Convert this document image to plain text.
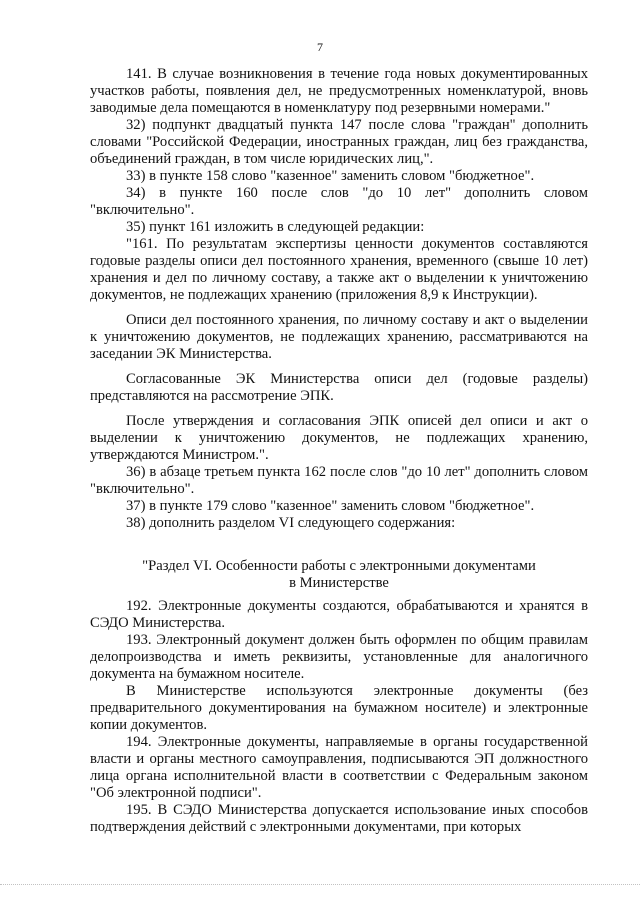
7

141. В случае возникновения в течение года новых документированных участков работы, появления дел, не предусмотренных номенклатурой, вновь заводимые дела помещаются в номенклатуру под резервными номерами."

32) подпункт двадцатый пункта 147 после слова "граждан" дополнить словами "Российской Федерации, иностранных граждан, лиц без гражданства, объединений граждан, в том числе юридических лиц,".

33) в пункте 158 слово "казенное" заменить словом "бюджетное".

34) в пункте 160 после слов "до 10 лет" дополнить словом "включительно".

35) пункт 161 изложить в следующей редакции:

"161. По результатам экспертизы ценности документов составляются годовые разделы описи дел постоянного хранения, временного (свыше 10 лет) хранения и дел по личному составу, а также акт о выделении к уничтожению документов, не подлежащих хранению (приложения 8,9 к Инструкции).

Описи дел постоянного хранения, по личному составу и акт о выделении к уничтожению документов, не подлежащих хранению, рассматриваются на заседании ЭК Министерства.

Согласованные ЭК Министерства описи дел (годовые разделы) представляются на рассмотрение ЭПК.

После утверждения и согласования ЭПК описей дел описи и акт о выделении к уничтожению документов, не подлежащих хранению, утверждаются Министром.".

36) в абзаце третьем пункта 162 после слов "до 10 лет" дополнить словом "включительно".

37) в пункте 179 слово "казенное" заменить словом "бюджетное".

38) дополнить разделом VI следующего содержания:

"Раздел VI. Особенности работы с электронными документами
в Министерстве

192. Электронные документы создаются, обрабатываются и хранятся в СЭДО Министерства.

193. Электронный документ должен быть оформлен по общим правилам делопроизводства и иметь реквизиты, установленные для аналогичного документа на бумажном носителе.

В Министерстве используются электронные документы (без предварительного документирования на бумажном носителе) и электронные копии документов.

194. Электронные документы, направляемые в органы государственной власти и органы местного самоуправления, подписываются ЭП должностного лица органа исполнительной власти в соответствии с Федеральным законом "Об электронной подписи".

195. В СЭДО Министерства допускается использование иных способов подтверждения действий с электронными документами, при которых
